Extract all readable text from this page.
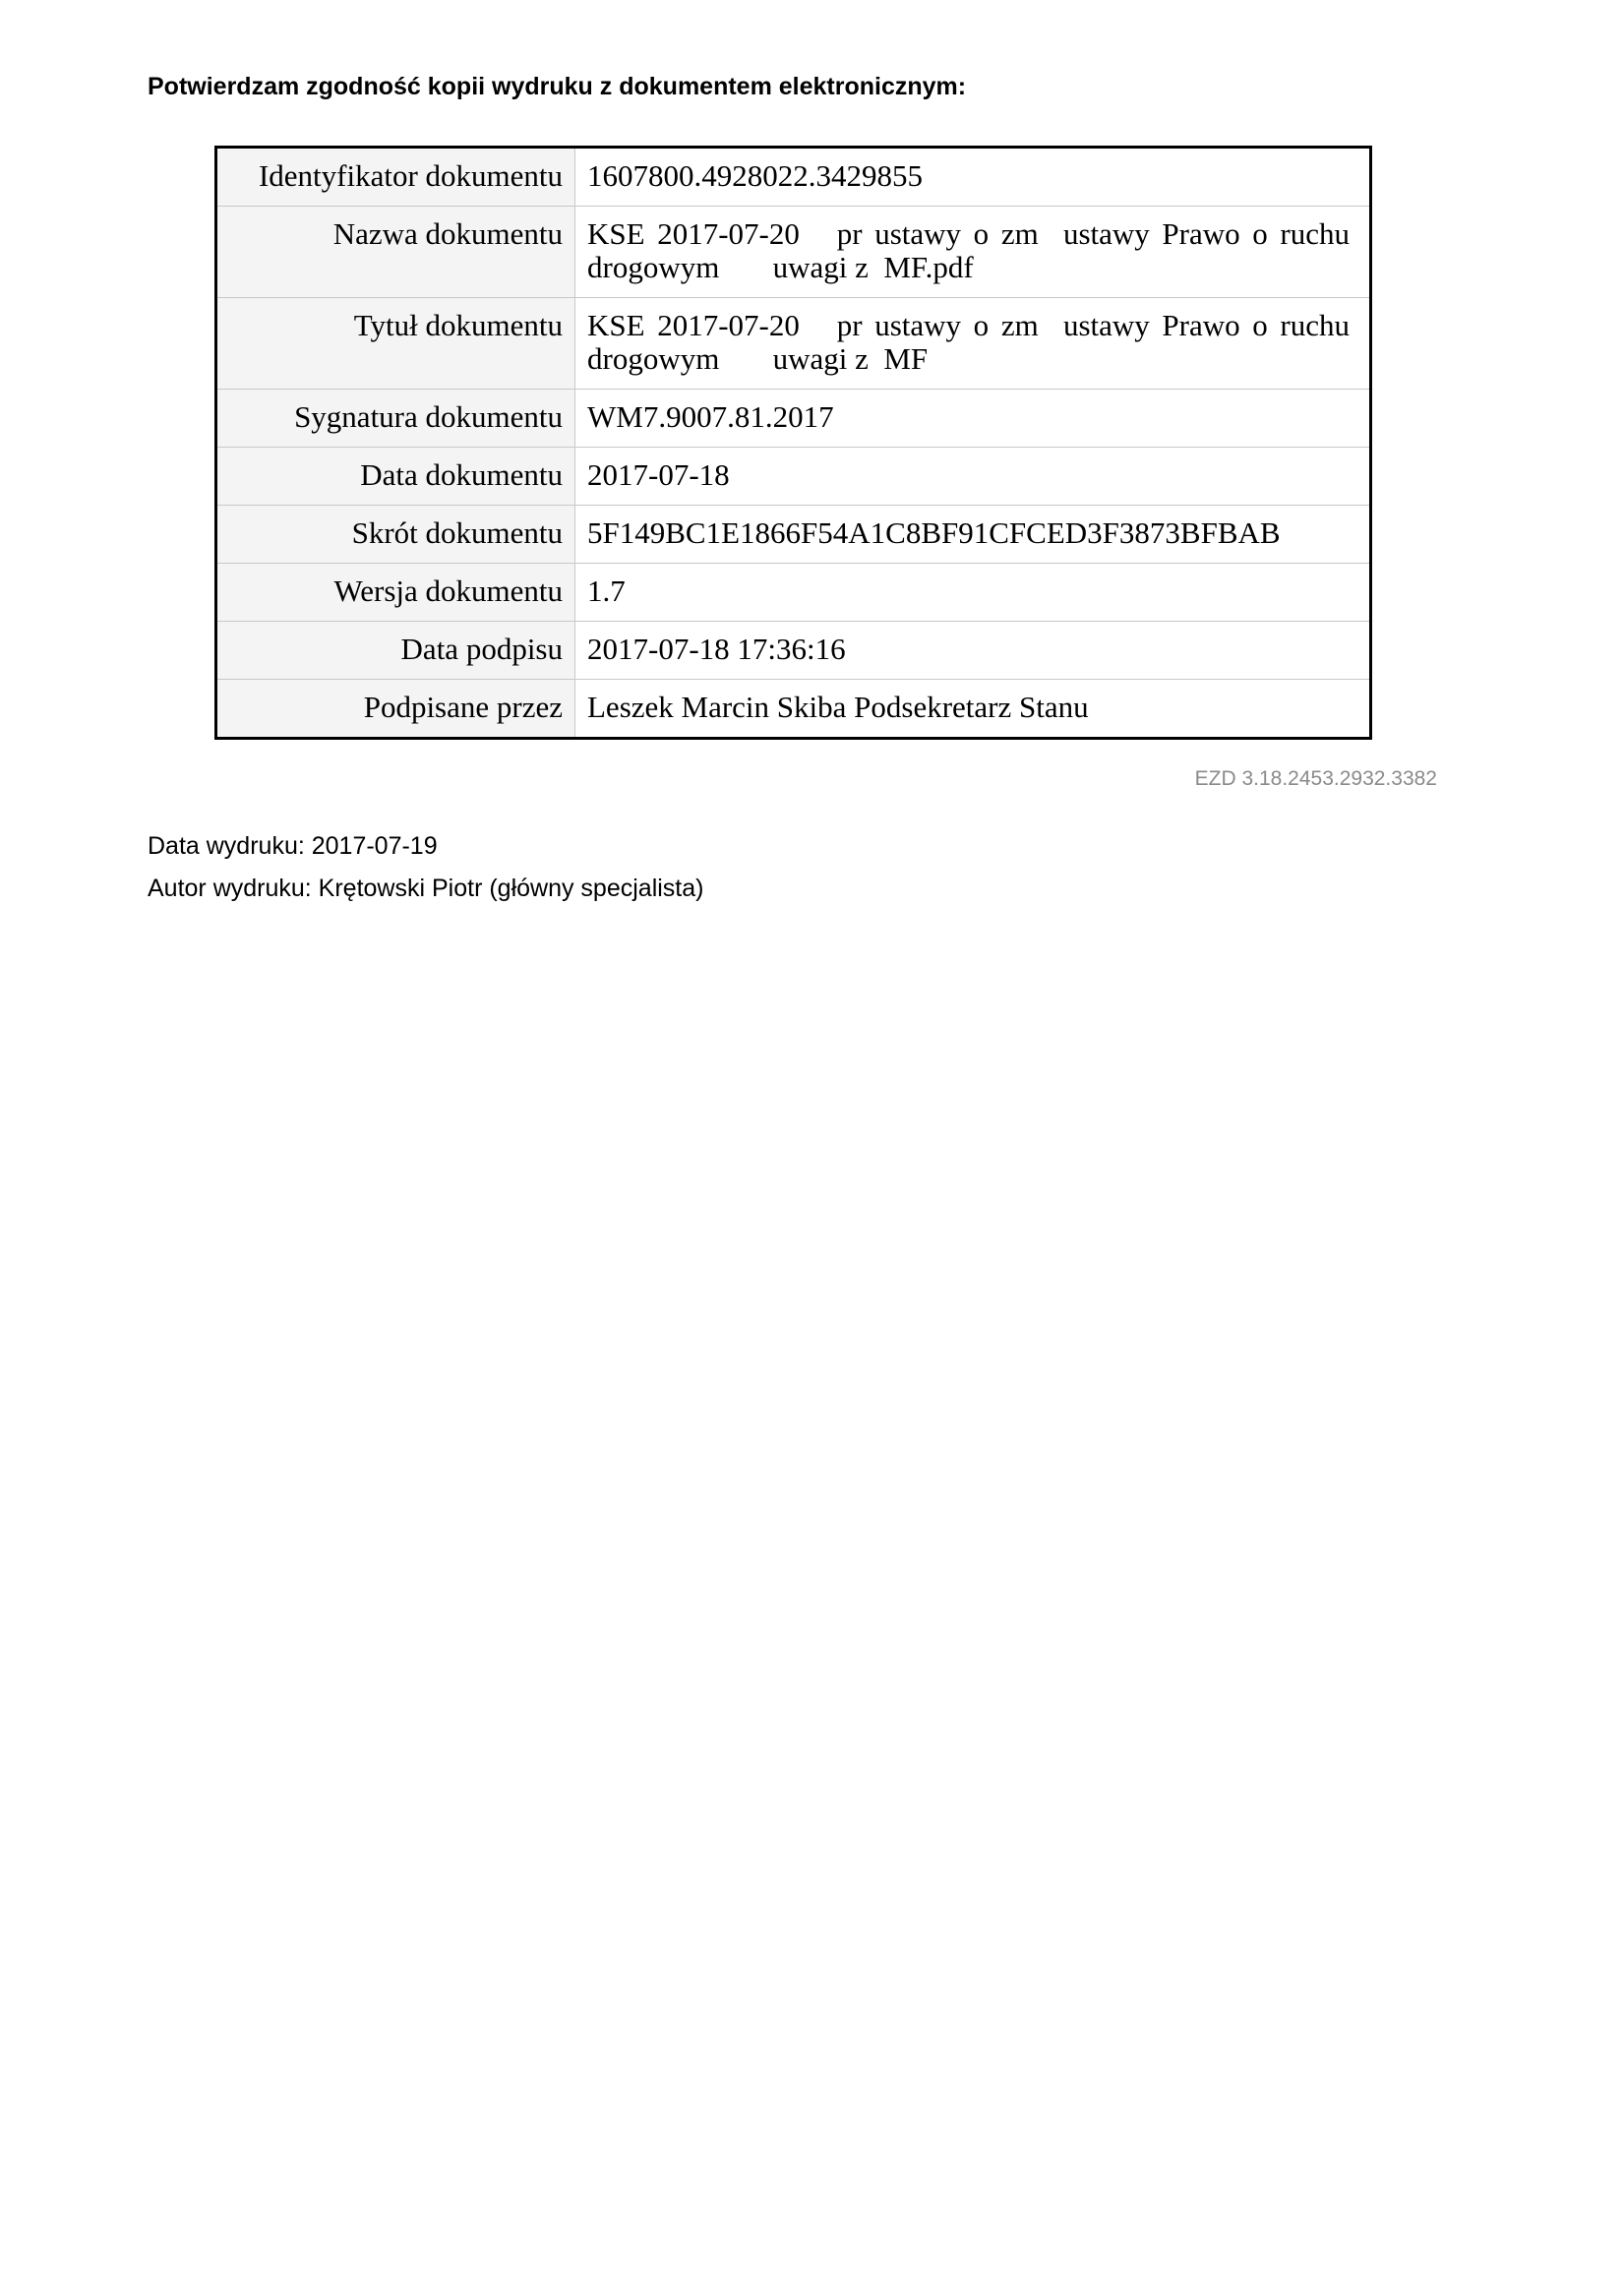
Potwierdzam zgodność kopii wydruku z dokumentem elektronicznym:
Identyfikator dokumentu	1607800.4928022.3429855
Nazwa dokumentu	KSE 2017-07-20   pr ustawy o zm  ustawy Prawo o ruchu drogowym       uwagi z  MF.pdf
Tytuł dokumentu	KSE 2017-07-20   pr ustawy o zm  ustawy Prawo o ruchu drogowym       uwagi z  MF
Sygnatura dokumentu	WM7.9007.81.2017
Data dokumentu	2017-07-18
Skrót dokumentu	5F149BC1E1866F54A1C8BF91CFCED3F3873BFBAB
Wersja dokumentu	1.7
Data podpisu	2017-07-18 17:36:16
Podpisane przez	Leszek Marcin Skiba Podsekretarz Stanu
EZD 3.18.2453.2932.3382
Data wydruku: 2017-07-19
Autor wydruku: Krętowski Piotr (główny specjalista)
